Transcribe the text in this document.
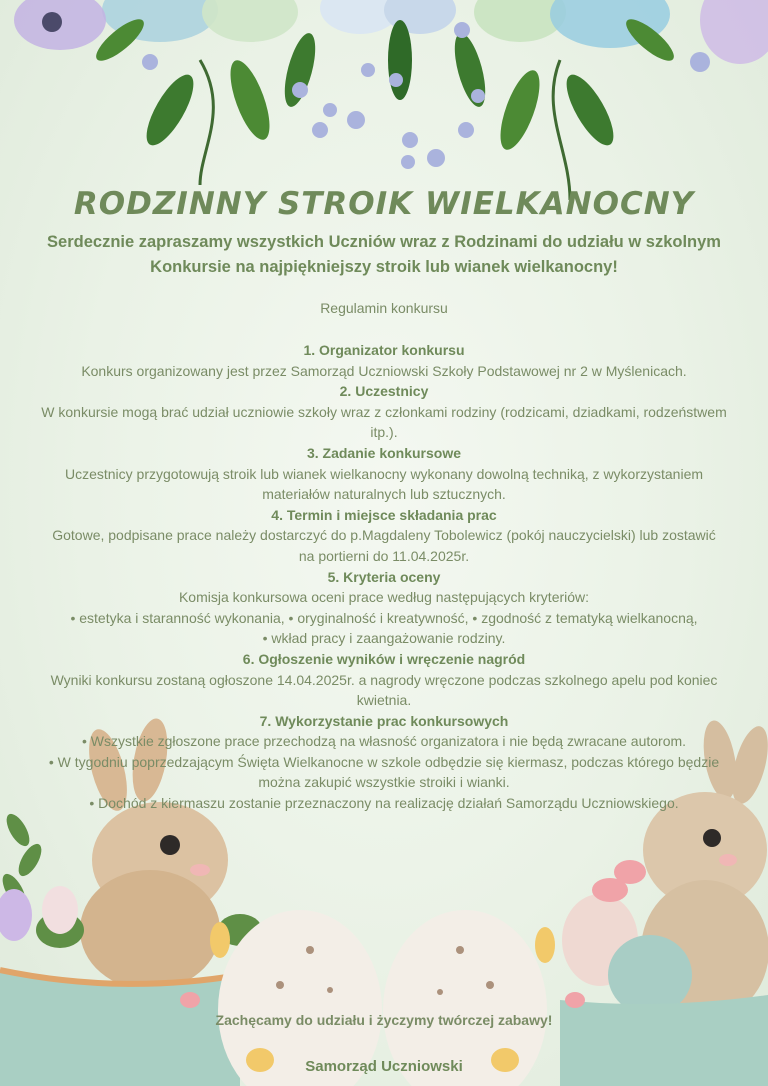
RODZINNY STROIK WIELKANOCNY
Serdecznie zapraszamy wszystkich Uczniów wraz z Rodzinami do udziału w szkolnym
Konkursie na najpiękniejszy stroik lub wianek wielkanocny!
Regulamin konkursu
1. Organizator konkursu
Konkurs organizowany jest przez Samorząd Uczniowski Szkoły Podstawowej nr 2 w Myślenicach.
2. Uczestnicy
W konkursie mogą brać udział uczniowie szkoły wraz z członkami rodziny (rodzicami, dziadkami, rodzeństwem
itp.).
3. Zadanie konkursowe
Uczestnicy przygotowują stroik lub wianek wielkanocny wykonany dowolną techniką, z wykorzystaniem
materiałów naturalnych lub sztucznych.
4. Termin i miejsce składania prac
Gotowe, podpisane prace należy dostarczyć do p.Magdaleny Tobolewicz (pokój nauczycielski) lub zostawić
na portierni do 11.04.2025r.
5. Kryteria oceny
Komisja konkursowa oceni prace według następujących kryteriów:
• estetyka i staranność wykonania, • oryginalność i kreatywność, • zgodność z tematyką wielkanocną,
• wkład pracy i zaangażowanie rodziny.
6. Ogłoszenie wyników i wręczenie nagród
Wyniki konkursu zostaną ogłoszone 14.04.2025r. a nagrody wręczone podczas szkolnego apelu pod koniec
kwietnia.
7. Wykorzystanie prac konkursowych
• Wszystkie zgłoszone prace przechodzą na własność organizatora i nie będą zwracane autorom.
• W tygodniu poprzedzającym Święta Wielkanocne w szkole odbędzie się kiermasz, podczas którego będzie
można zakupić wszystkie stroiki i wianki.
• Dochód z kiermaszu zostanie przeznaczony na realizację działań Samorządu Uczniowskiego.
Zachęcamy do udziału i życzymy twórczej zabawy!
Samorząd Uczniowski
